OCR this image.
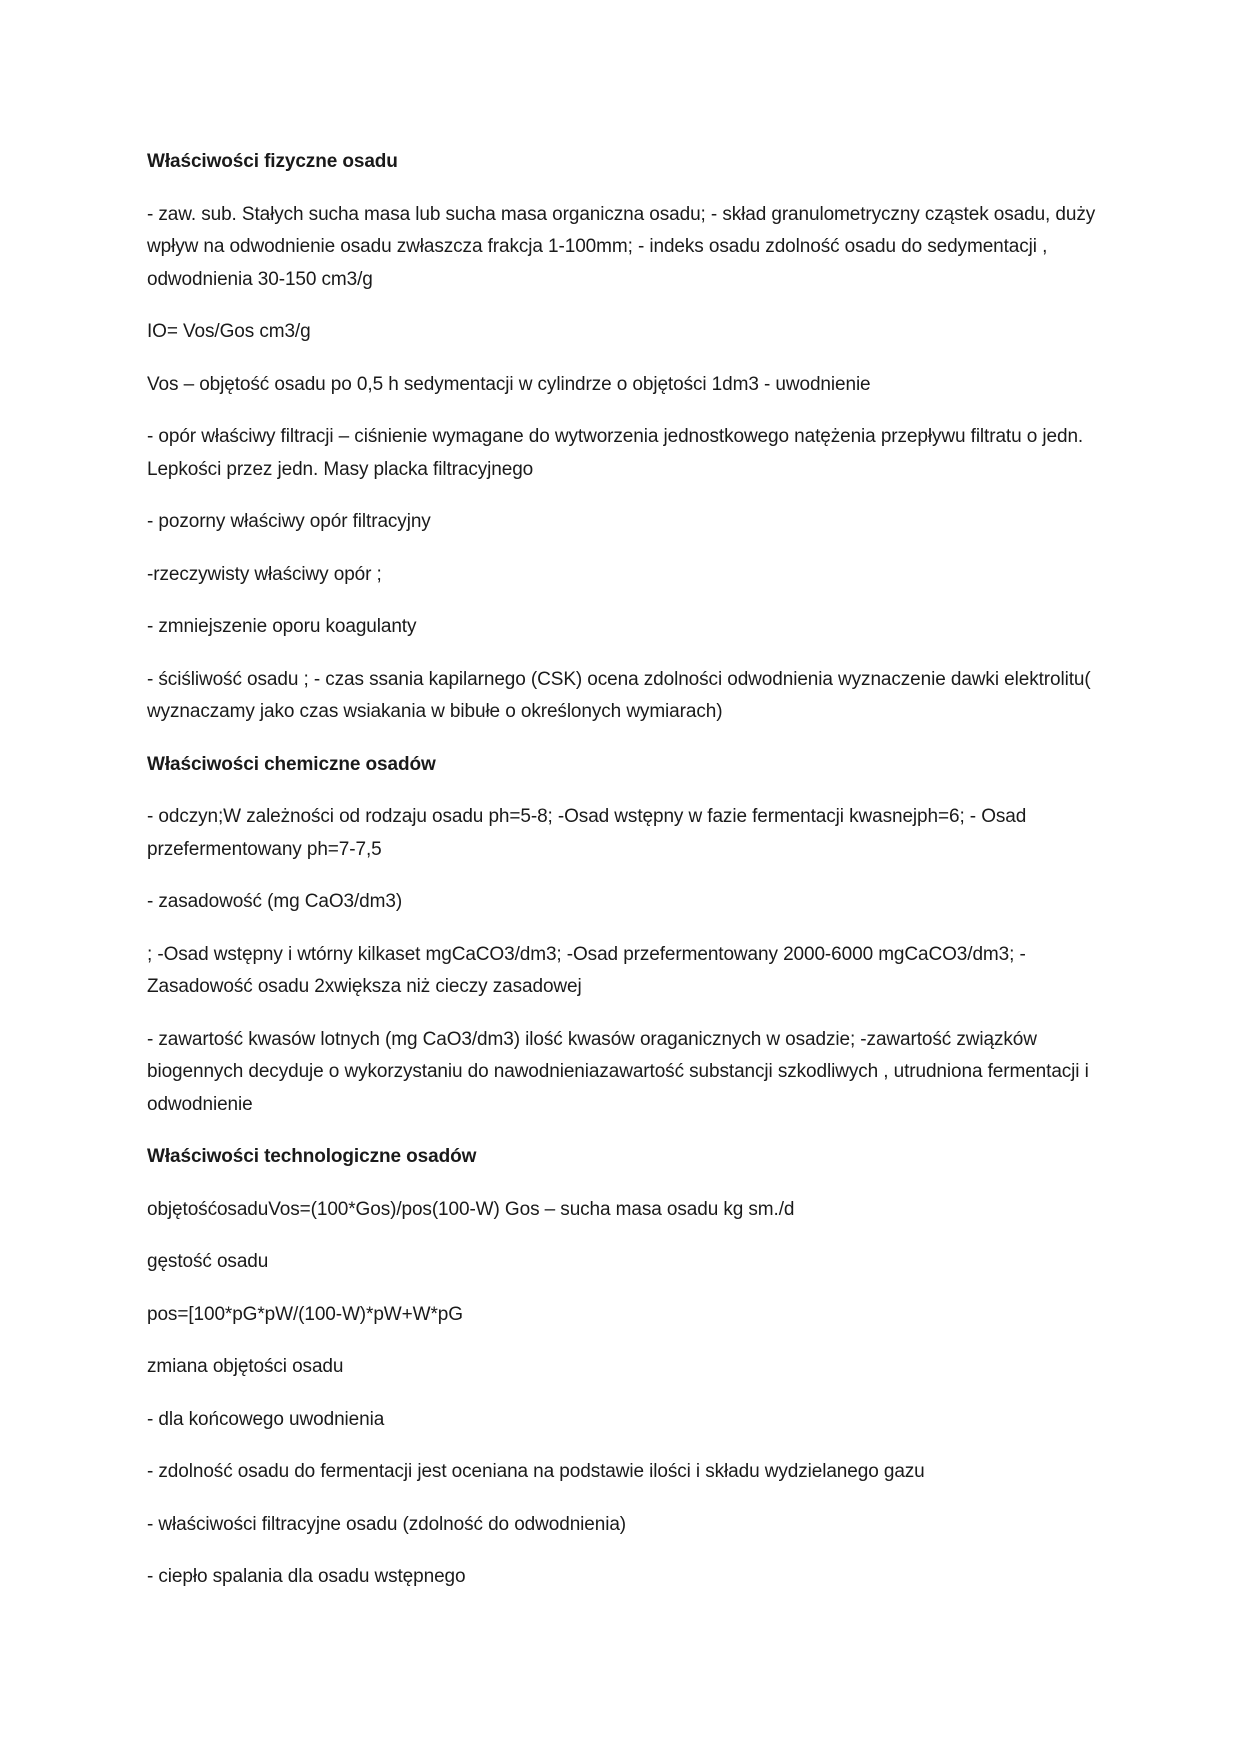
Właściwości fizyczne osadu

- zaw. sub. Stałych sucha masa lub sucha masa organiczna osadu; - skład granulometryczny cząstek osadu, duży wpływ na odwodnienie osadu zwłaszcza frakcja 1-100mm; - indeks osadu zdolność osadu do sedymentacji , odwodnienia 30-150 cm3/g

IO= Vos/Gos cm3/g

Vos – objętość osadu po 0,5 h sedymentacji w cylindrze o objętości 1dm3 - uwodnienie

- opór właściwy filtracji – ciśnienie wymagane do wytworzenia jednostkowego natężenia przepływu filtratu o jedn. Lepkości przez jedn. Masy placka filtracyjnego

- pozorny właściwy opór filtracyjny

-rzeczywisty właściwy opór ;

- zmniejszenie oporu koagulanty

- ściśliwość osadu ; - czas ssania kapilarnego (CSK) ocena zdolności odwodnienia wyznaczenie dawki elektrolitu( wyznaczamy jako czas wsiakania w bibułe o określonych wymiarach)

Właściwości chemiczne osadów

- odczyn;W zależności od rodzaju osadu ph=5-8; -Osad wstępny w fazie fermentacji kwasnejph=6; - Osad przefermentowany ph=7-7,5

- zasadowość (mg CaO3/dm3)

; -Osad wstępny i wtórny kilkaset mgCaCO3/dm3; -Osad przefermentowany 2000-6000 mgCaCO3/dm3; -Zasadowość osadu 2xwiększa niż cieczy zasadowej

- zawartość kwasów lotnych (mg CaO3/dm3) ilość kwasów oraganicznych w osadzie; -zawartość związków biogennych decyduje o wykorzystaniu do nawodnieniazawartość substancji szkodliwych , utrudniona fermentacji i odwodnienie

Właściwości technologiczne osadów

objętośćosaduVos=(100*Gos)/pos(100-W) Gos – sucha masa osadu kg sm./d

gęstość osadu

pos=[100*pG*pW/(100-W)*pW+W*pG

zmiana objętości osadu

- dla końcowego uwodnienia

- zdolność osadu do fermentacji jest oceniana na podstawie ilości i składu wydzielanego gazu

- właściwości filtracyjne osadu (zdolność do odwodnienia)

- ciepło spalania dla osadu wstępnego
